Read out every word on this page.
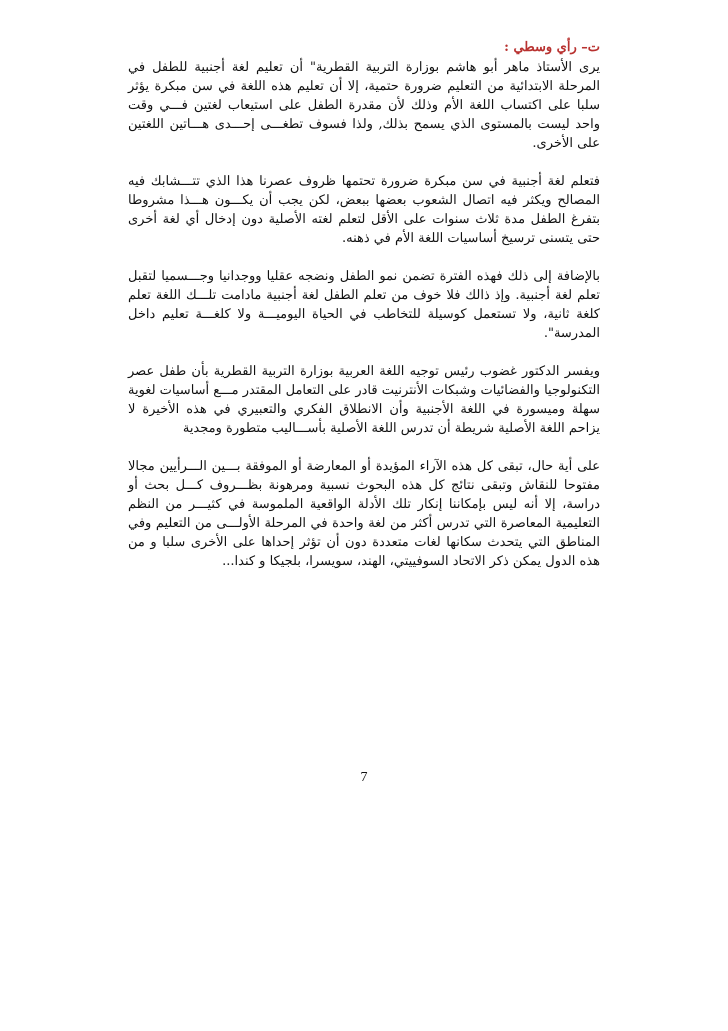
ت– رأي وسطي :

يرى الأستاذ ماهر أبو هاشم بوزارة التربية القطرية" أن تعليم لغة أجنبية للطفل في المرحلة الابتدائية من التعليم ضرورة حتمية، إلا أن تعليم هذه اللغة في سن مبكرة يؤثر سلبا على اكتساب اللغة الأم وذلك لأن مقدرة الطفل على استيعاب لغتين فـــي وقت واحد ليست بالمستوى الذي يسمح بذلك, ولذا فسوف تطغـــى إحـــدى هـــاتين اللغتين على الأخرى.

فتعلم لغة أجنبية في سن مبكرة ضرورة تحتمها ظروف عصرنا هذا الذي تتـــشابك فيه المصالح ويكثر فيه اتصال الشعوب بعضها ببعض، لكن يجب أن يكـــون هـــذا مشروطا بتفرغ الطفل مدة ثلاث سنوات على الأقل لتعلم لغته الأصلية دون إدخال أي لغة أخرى حتى يتسنى ترسيخ أساسيات اللغة الأم في ذهنه.

بالإضافة إلى ذلك فهذه الفترة تضمن نمو الطفل ونضجه عقليا ووجدانيا وجـــسميا لتقبل تعلم لغة أجنبية. وإذ ذالك فلا خوف من تعلم الطفل لغة أجنبية مادامت تلـــك اللغة تعلم كلغة ثانية، ولا تستعمل كوسيلة للتخاطب في الحياة اليوميـــة ولا كلغـــة تعليم داخل المدرسة".

ويفسر الدكتور غضوب رئيس توجيه اللغة العربية بوزارة التربية القطرية بأن طفل عصر التكنولوجيا والفضائيات وشبكات الأنترنيت قادر على التعامل المقتدر مـــع أساسيات لغوية سهلة وميسورة في اللغة الأجنبية وأن الانطلاق الفكري والتعبيري في هذه الأخيرة لا يزاحم اللغة الأصلية شريطة أن تدرس اللغة الأصلية بأســـاليب متطورة ومجدية

على أية حال، تبقى كل هذه الآراء المؤيدة أو المعارضة أو الموفقة بـــين الـــرأيين مجالا مفتوحا للنقاش وتبقى نتائج كل هذه البحوث نسبية ومرهونة بظـــروف كـــل بحث أو دراسة، إلا أنه ليس بإمكاننا إنكار تلك الأدلة الواقعية الملموسة في كثيـــر من النظم التعليمية المعاصرة التي تدرس أكثر من لغة واحدة في المرحلة الأولـــى من التعليم وفي المناطق التي يتحدث سكانها لغات متعددة دون أن تؤثر إحداها على الأخرى سلبا و من هذه الدول يمكن ذكر الاتحاد السوفييتي، الهند، سويسرا، بلجيكا و كندا...

7
